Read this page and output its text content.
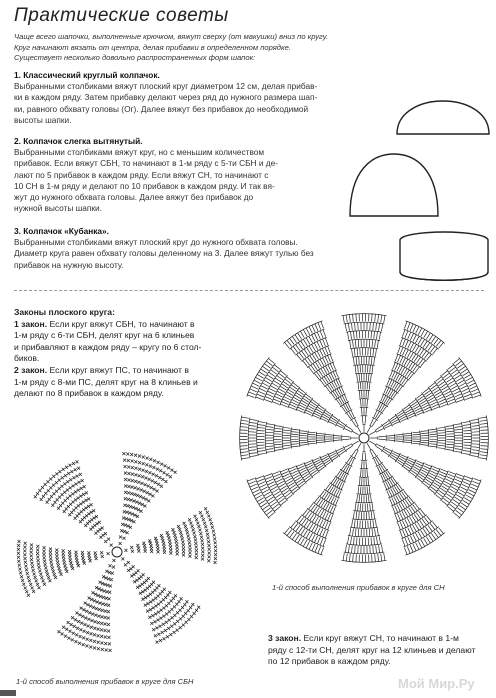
Практические советы
Чаще всего шапочки, выполненные крючком, вяжут сверху (от макушки) вниз по кругу.
Круг начинают вязать от центра, делая прибавки в определенном порядке.
Существует несколько довольно распространенных форм шапок:
1. Классический круглый колпачок.
Выбранными столбиками вяжут плоский круг диаметром 12 см, делая прибав-
ки в каждом ряду. Затем прибавку делают через ряд до нужного размера шап-
ки, равного обхвату головы (Ог). Далее вяжут без прибавок до необходимой
высоты шапки.
2. Колпачок слегка вытянутый.
Выбранными столбиками вяжут круг, но с меньшим количеством
прибавок. Если вяжут СБН, то начинают в 1-м ряду с 5-ти СБН и де-
лают по 5 прибавок в каждом ряду. Если вяжут СН, то начинают с
10 СН в 1-м ряду и делают по 10 прибавок в каждом ряду. И так вя-
жут до нужного обхвата головы. Далее вяжут без прибавок до
нужной высоты шапки.
3. Колпачок «Кубанка».
Выбранными столбиками вяжут плоский круг до нужного обхвата головы.
Диаметр круга равен обхвату головы деленному на 3. Далее вяжут тулью без
прибавок на нужную высоту.
Законы плоского круга:
1 закон. Если круг вяжут СБН, то начинают в
1-м ряду с 6-ти СБН, делят круг на 6 клиньев
и прибавляют в каждом ряду – кругу по 6 стол-
биков.
2 закон. Если круг вяжут ПС, то начинают в
1-м ряду с 8-ми ПС, делят круг на 8 клиньев и
делают по 8 прибавок в каждом ряду.
1-й способ выполнения прибавок в круге для СН
1-й способ выполнения прибавок в круге для СБН
3 закон. Если круг вяжут СН, то начинают в 1-м
ряду с 12-ти СН, делят круг на 12 клиньев и делают
по 12 прибавок в каждом ряду.
Мой Мир.Ру
